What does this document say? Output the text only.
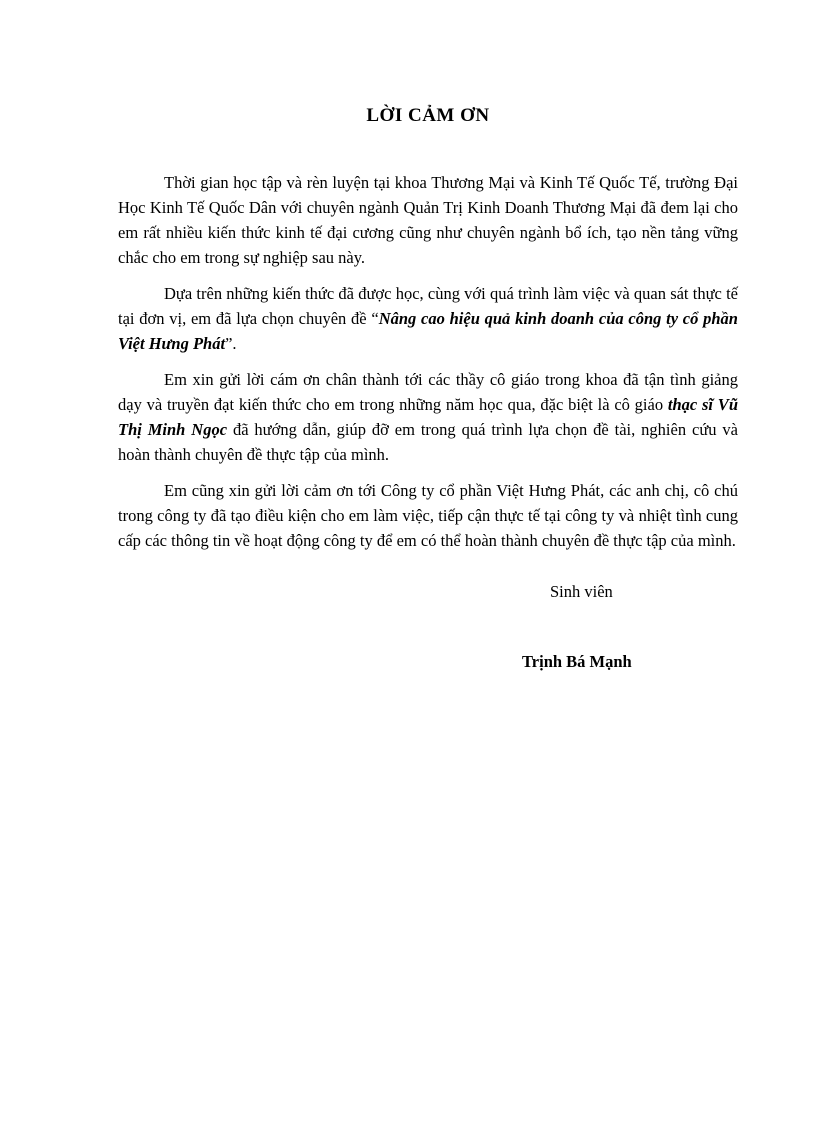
LỜI CẢM ƠN

Thời gian học tập và rèn luyện tại khoa Thương Mại và Kinh Tế Quốc Tế, trường Đại Học Kinh Tế Quốc Dân với chuyên ngành Quản Trị Kinh Doanh Thương Mại đã đem lại cho em rất nhiều kiến thức kinh tế đại cương cũng như chuyên ngành bổ ích, tạo nền tảng vững chắc cho em trong sự nghiệp sau này.

Dựa trên những kiến thức đã được học, cùng với quá trình làm việc và quan sát thực tế tại đơn vị, em đã lựa chọn chuyên đề “Nâng cao hiệu quả kinh doanh của công ty cổ phần Việt Hưng Phát”.

Em xin gửi lời cám ơn chân thành tới các thầy cô giáo trong khoa đã tận tình giảng dạy và truyền đạt kiến thức cho em trong những năm học qua, đặc biệt là cô giáo thạc sĩ Vũ Thị Minh Ngọc đã hướng dẫn, giúp đỡ em trong quá trình lựa chọn đề tài, nghiên cứu và hoàn thành chuyên đề thực tập của mình.

Em cũng xin gửi lời cảm ơn tới Công ty cổ phần Việt Hưng Phát, các anh chị, cô chú trong công ty đã tạo điều kiện cho em làm việc, tiếp cận thực tế tại công ty và nhiệt tình cung cấp các thông tin về hoạt động công ty để em có thể hoàn thành chuyên đề thực tập của mình.

Sinh viên

Trịnh Bá Mạnh
